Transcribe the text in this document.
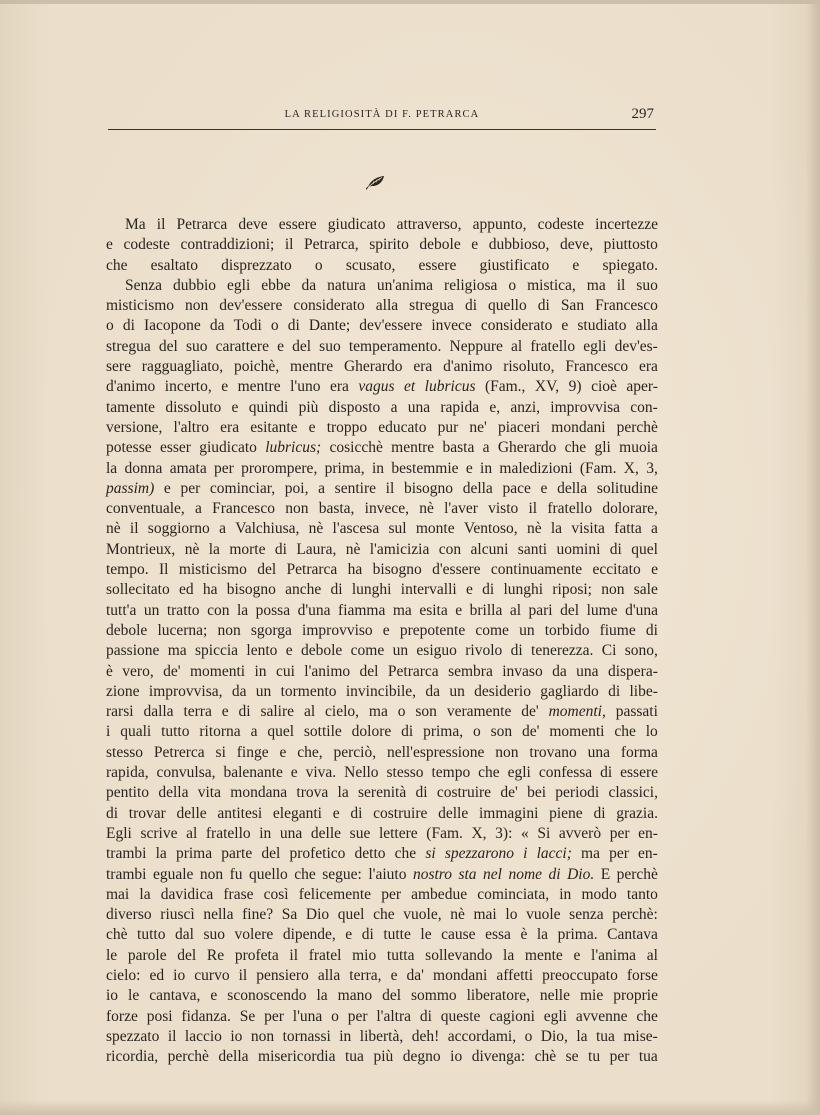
LA RELIGIOSITÀ DI F. PETRARCA	297
Ma il Petrarca deve essere giudicato attraverso, appunto, codeste incertezze
e codeste contraddizioni; il Petrarca, spirito debole e dubbioso, deve, piuttosto
che esaltato disprezzato o scusato, essere giustificato e spiegato.
Senza dubbio egli ebbe da natura un'anima religiosa o mistica, ma il suo
misticismo non dev'essere considerato alla stregua di quello di San Francesco
o di Iacopone da Todi o di Dante; dev'essere invece considerato e studiato alla
stregua del suo carattere e del suo temperamento. Neppure al fratello egli dev'es-
sere ragguagliato, poichè, mentre Gherardo era d'animo risoluto, Francesco era
d'animo incerto, e mentre l'uno era vagus et lubricus (Fam., XV, 9) cioè aper-
tamente dissoluto e quindi più disposto a una rapida e, anzi, improvvisa con-
versione, l'altro era esitante e troppo educato pur ne' piaceri mondani perchè
potesse esser giudicato lubricus; cosicchè mentre basta a Gherardo che gli muoia
la donna amata per prorompere, prima, in bestemmie e in maledizioni (Fam. X, 3,
passim) e per cominciar, poi, a sentire il bisogno della pace e della solitudine
conventuale, a Francesco non basta, invece, nè l'aver visto il fratello dolorare,
nè il soggiorno a Valchiusa, nè l'ascesa sul monte Ventoso, nè la visita fatta a
Montrieux, nè la morte di Laura, nè l'amicizia con alcuni santi uomini di quel
tempo. Il misticismo del Petrarca ha bisogno d'essere continuamente eccitato e
sollecitato ed ha bisogno anche di lunghi intervalli e di lunghi riposi; non sale
tutt'a un tratto con la possa d'una fiamma ma esita e brilla al pari del lume d'una
debole lucerna; non sgorga improvviso e prepotente come un torbido fiume di
passione ma spiccia lento e debole come un esiguo rivolo di tenerezza. Ci sono,
è vero, de' momenti in cui l'animo del Petrarca sembra invaso da una dispera-
zione improvvisa, da un tormento invincibile, da un desiderio gagliardo di libe-
rarsi dalla terra e di salire al cielo, ma o son veramente de' momenti, passati
i quali tutto ritorna a quel sottile dolore di prima, o son de' momenti che lo
stesso Petrerca si finge e che, perciò, nell'espressione non trovano una forma
rapida, convulsa, balenante e viva. Nello stesso tempo che egli confessa di essere
pentito della vita mondana trova la serenità di costruire de' bei periodi classici,
di trovar delle antitesi eleganti e di costruire delle immagini piene di grazia.
Egli scrive al fratello in una delle sue lettere (Fam. X, 3): « Si avverò per en-
trambi la prima parte del profetico detto che si spezzarono i lacci; ma per en-
trambi eguale non fu quello che segue: l'aiuto nostro sta nel nome di Dio. E perchè
mai la davidica frase così felicemente per ambedue cominciata, in modo tanto
diverso riuscì nella fine? Sa Dio quel che vuole, nè mai lo vuole senza perchè:
chè tutto dal suo volere dipende, e di tutte le cause essa è la prima. Cantava
le parole del Re profeta il fratel mio tutta sollevando la mente e l'anima al
cielo: ed io curvo il pensiero alla terra, e da' mondani affetti preoccupato forse
io le cantava, e sconoscendo la mano del sommo liberatore, nelle mie proprie
forze posi fidanza. Se per l'una o per l'altra di queste cagioni egli avvenne che
spezzato il laccio io non tornassi in libertà, deh! accordami, o Dio, la tua mise-
ricordia, perchè della misericordia tua più degno io divenga: chè se tu per tua
